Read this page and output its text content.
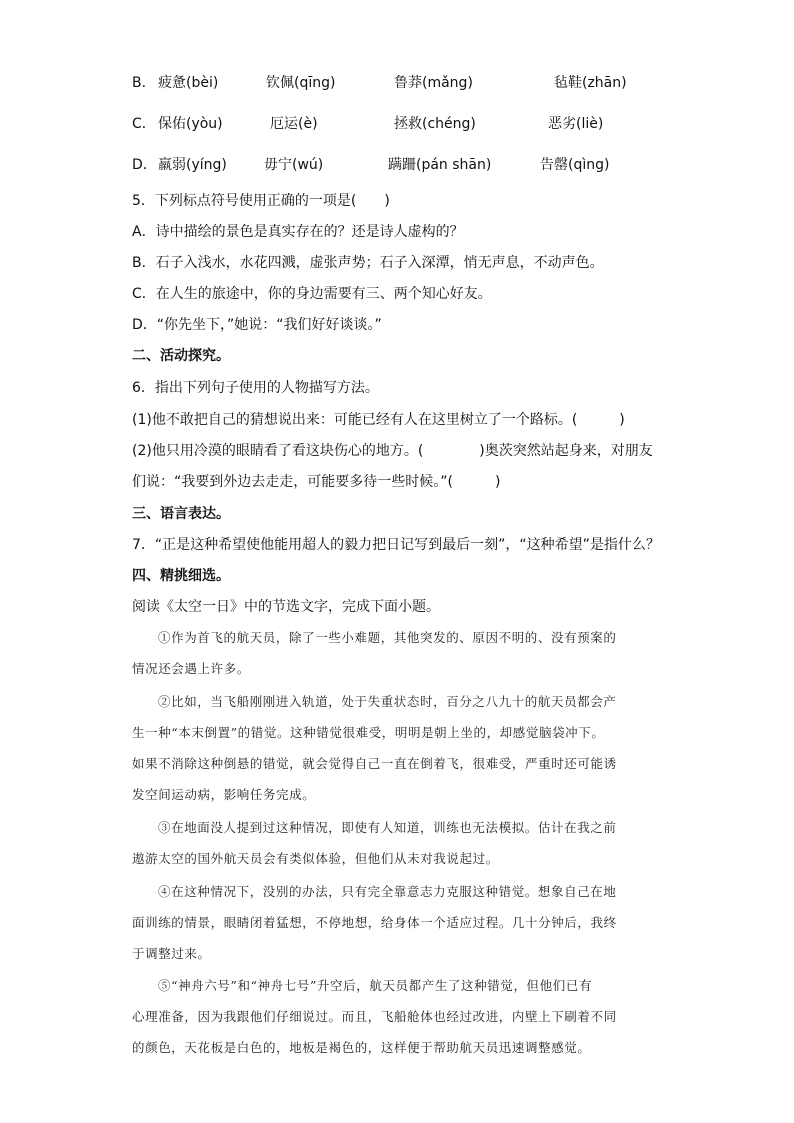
B． 疲惫(bèi)	钦佩(qīng)	鲁莽(mǎng)	毡鞋(zhān)
C． 保佑(yòu)	厄运(è)	拯救(chéng)	恶劣(liè)
D． 羸弱(yíng)	毋宁(wú)	蹒跚(pán shān)	告罄(qìng)
5．下列标点符号使用正确的一项是(　　)
A．诗中描绘的景色是真实存在的？还是诗人虚构的？
B．石子入浅水，水花四溅，虚张声势；石子入深潭，悄无声息，不动声色。
C．在人生的旅途中，你的身边需要有三、两个知心好友。
D．“你先坐下，”她说：“我们好好谈谈。”
二、活动探究。
6．指出下列句子使用的人物描写方法。
(1)他不敢把自己的猜想说出来：可能已经有人在这里树立了一个路标。(　　　)
(2)他只用冷漠的眼睛看了看这块伤心的地方。(　　　　)奥茨突然站起身来，对朋友
们说：“我要到外边去走走，可能要多待一些时候。”(　　　)
三、语言表达。
7．“正是这种希望使他能用超人的毅力把日记写到最后一刻”，“这种希望”是指什么？
四、精挑细选。
阅读《太空一日》中的节选文字，完成下面小题。
①作为首飞的航天员，除了一些小难题，其他突发的、原因不明的、没有预案的
情况还会遇上许多。
②比如，当飞船刚刚进入轨道，处于失重状态时，百分之八九十的航天员都会产
生一种“本末倒置”的错觉。这种错觉很难受，明明是朝上坐的，却感觉脑袋冲下。
如果不消除这种倒悬的错觉，就会觉得自己一直在倒着飞，很难受，严重时还可能诱
发空间运动病，影响任务完成。
③在地面没人提到过这种情况，即使有人知道，训练也无法模拟。估计在我之前
遨游太空的国外航天员会有类似体验，但他们从未对我说起过。
④在这种情况下，没别的办法，只有完全靠意志力克服这种错觉。想象自己在地
面训练的情景，眼睛闭着猛想，不停地想，给身体一个适应过程。几十分钟后，我终
于调整过来。
⑤“神舟六号”和“神舟七号”升空后，航天员都产生了这种错觉，但他们已有
心理准备，因为我跟他们仔细说过。而且，飞船舱体也经过改进，内壁上下刷着不同
的颜色，天花板是白色的，地板是褐色的，这样便于帮助航天员迅速调整感觉。
